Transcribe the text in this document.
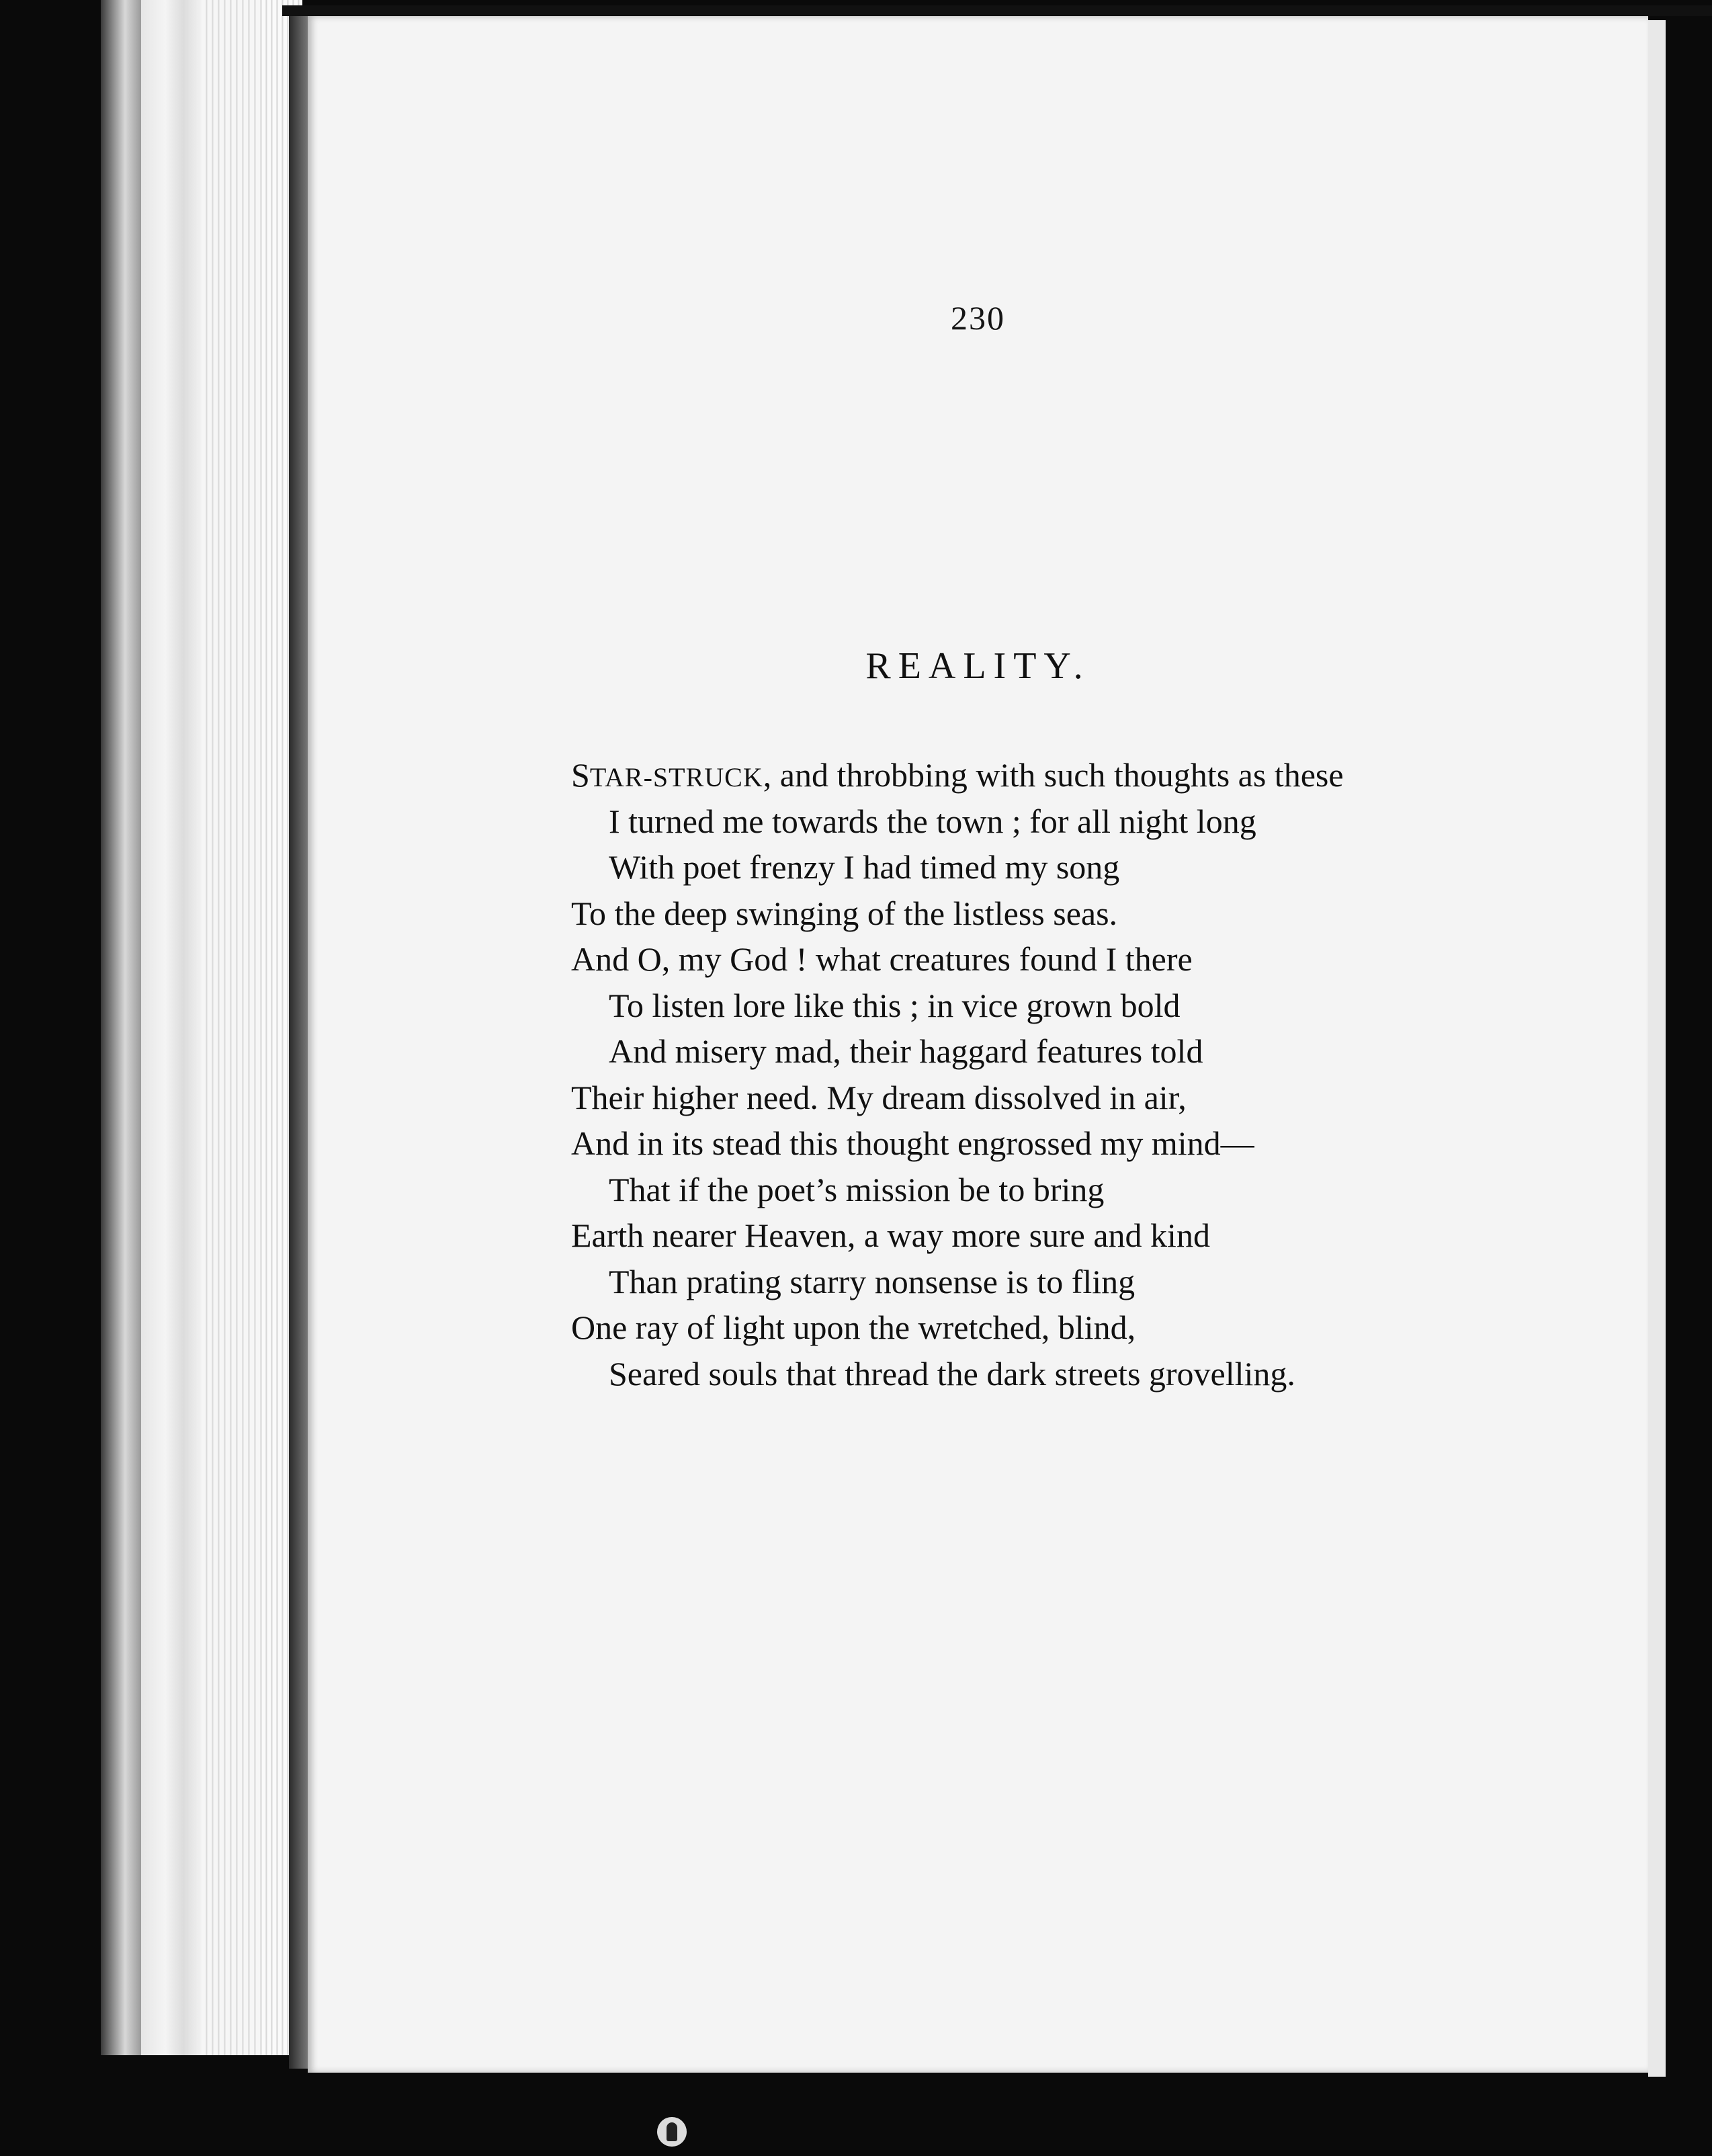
230
REALITY.
STAR-STRUCK, and throbbing with such thoughts as these
I turned me towards the town ; for all night long
With poet frenzy I had timed my song
To the deep swinging of the listless seas.
And O, my God ! what creatures found I there
To listen lore like this ; in vice grown bold
And misery mad, their haggard features told
Their higher need. My dream dissolved in air,
And in its stead this thought engrossed my mind—
That if the poet’s mission be to bring
Earth nearer Heaven, a way more sure and kind
Than prating starry nonsense is to fling
One ray of light upon the wretched, blind,
Seared souls that thread the dark streets grovelling.
